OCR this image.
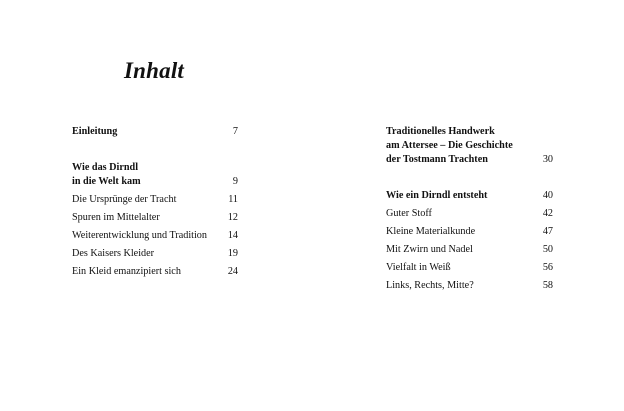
Inhalt
Einleitung	7
Wie das Dirndl
in die Welt kam	9
Die Ursprünge der Tracht	11
Spuren im Mittelalter	12
Weiterentwicklung und Tradition	14
Des Kaisers Kleider	19
Ein Kleid emanzipiert sich	24
Traditionelles Handwerk
am Attersee – Die Geschichte
der Tostmann Trachten	30
Wie ein Dirndl entsteht	40
Guter Stoff	42
Kleine Materialkunde	47
Mit Zwirn und Nadel	50
Vielfalt in Weiß	56
Links, Rechts, Mitte?	58
